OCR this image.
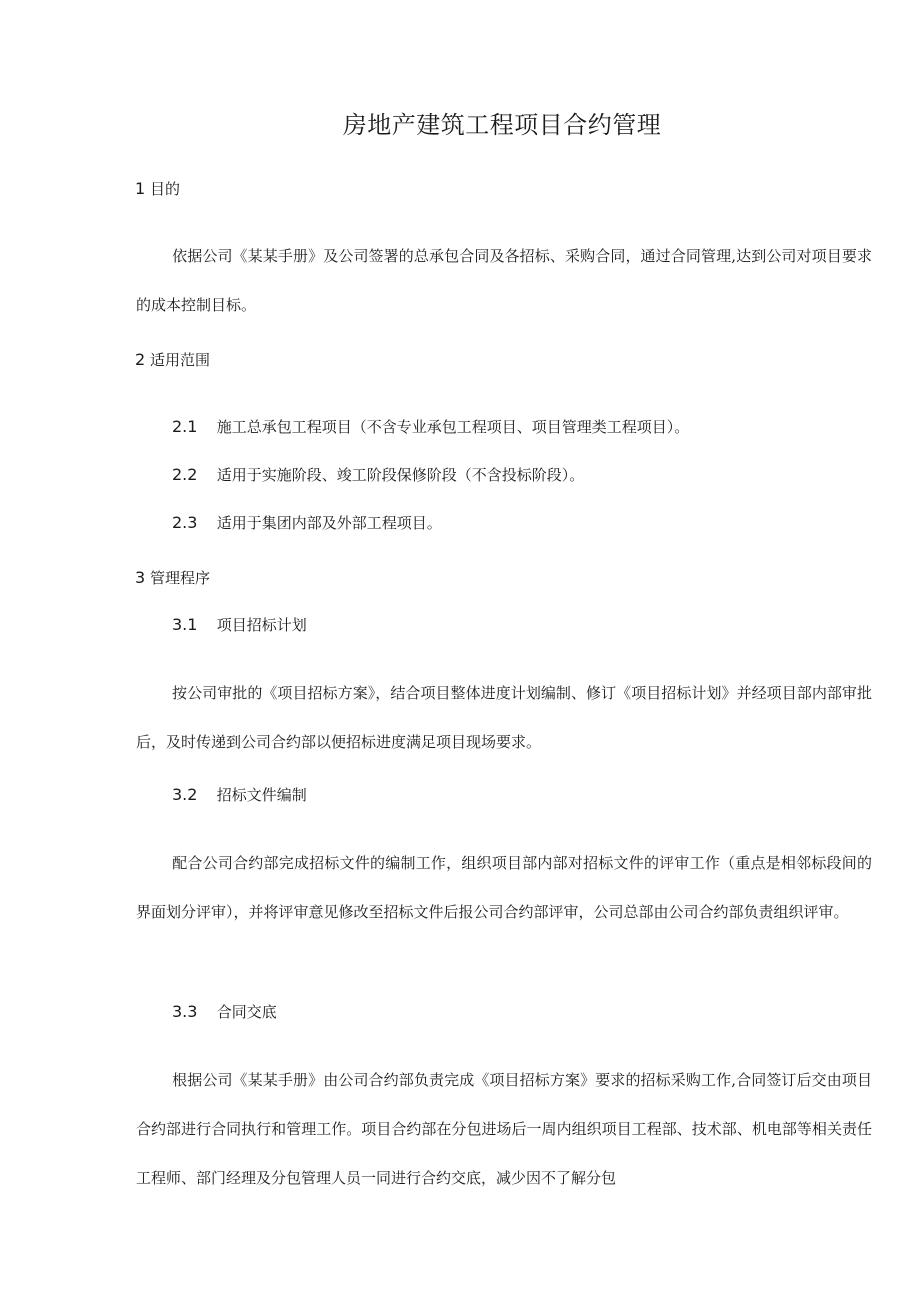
房地产建筑工程项目合约管理
1 目的
依据公司《某某手册》及公司签署的总承包合同及各招标、采购合同，通过合同管理,达到公司对项目要求的成本控制目标。
2 适用范围
2.1 施工总承包工程项目（不含专业承包工程项目、项目管理类工程项目）。
2.2 适用于实施阶段、竣工阶段保修阶段（不含投标阶段）。
2.3 适用于集团内部及外部工程项目。
3 管理程序
3.1 项目招标计划
按公司审批的《项目招标方案》，结合项目整体进度计划编制、修订《项目招标计划》并经项目部内部审批后，及时传递到公司合约部以便招标进度满足项目现场要求。
3.2 招标文件编制
配合公司合约部完成招标文件的编制工作，组织项目部内部对招标文件的评审工作（重点是相邻标段间的界面划分评审），并将评审意见修改至招标文件后报公司合约部评审，公司总部由公司合约部负责组织评审。
3.3 合同交底
根据公司《某某手册》由公司合约部负责完成《项目招标方案》要求的招标采购工作,合同签订后交由项目合约部进行合同执行和管理工作。项目合约部在分包进场后一周内组织项目工程部、技术部、机电部等相关责任工程师、部门经理及分包管理人员一同进行合约交底，减少因不了解分包
